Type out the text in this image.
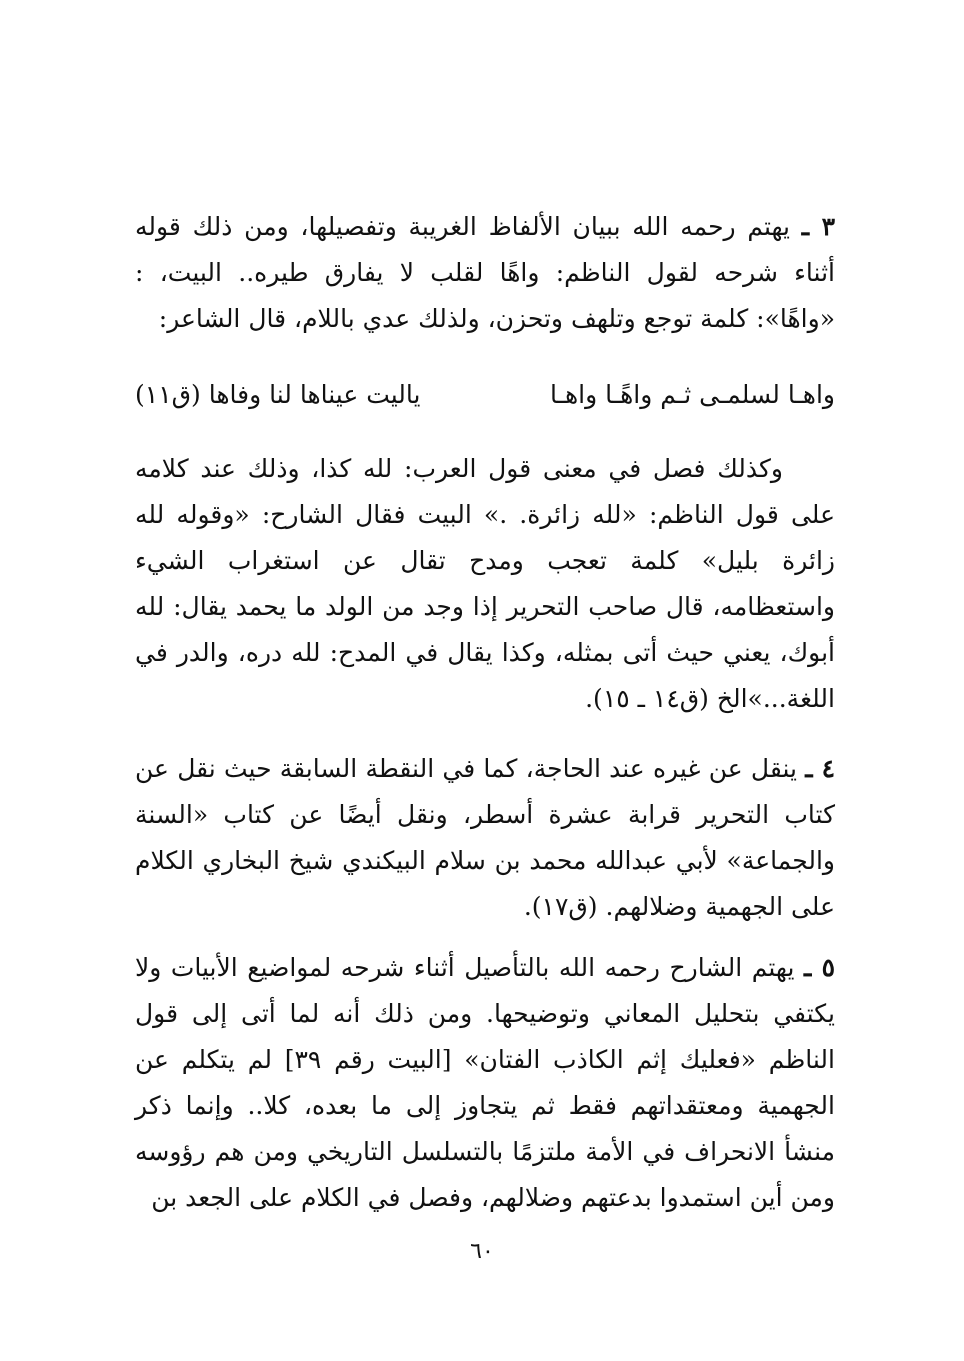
٣ ـ يهتم رحمه الله ببيان الألفاظ الغريبة وتفصيلها، ومن ذلك قوله أثناء شرحه لقول الناظم: واهًا لقلب لا يفارق طيره.. البيت، : «واهًا»: كلمة توجع وتلهف وتحزن، ولذلك عدي باللام، قال الشاعر:

واهـا لسلمـى ثـم واهًـا واهـا
ياليت عيناها لنا وفاها (ق١١)

وكذلك فصل في معنى قول العرب: لله كذا، وذلك عند كلامه على قول الناظم: «لله زائرة. .» البيت فقال الشارح: «وقوله لله زائرة بليل» كلمة تعجب ومدح تقال عن استغراب الشيء واستعظامه، قال صاحب التحرير إذا وجد من الولد ما يحمد يقال: لله أبوك، يعني حيث أتى بمثله، وكذا يقال في المدح: لله دره، والدر في اللغة...»الخ (ق١٤ ـ ١٥).

٤ ـ ينقل عن غيره عند الحاجة، كما في النقطة السابقة حيث نقل عن كتاب التحرير قرابة عشرة أسطر، ونقل أيضًا عن كتاب «السنة والجماعة» لأبي عبدالله محمد بن سلام البيكندي شيخ البخاري الكلام على الجهمية وضلالهم. (ق١٧).

٥ ـ يهتم الشارح رحمه الله بالتأصيل أثناء شرحه لمواضيع الأبيات ولا يكتفي بتحليل المعاني وتوضيحها. ومن ذلك أنه لما أتى إلى قول الناظم «فعليك إثم الكاذب الفتان» [البيت رقم ٣٩] لم يتكلم عن الجهمية ومعتقداتهم فقط ثم يتجاوز إلى ما بعده، كلا.. وإنما ذكر منشأ الانحراف في الأمة ملتزمًا بالتسلسل التاريخي ومن هم رؤوسه ومن أين استمدوا بدعتهم وضلالهم، وفصل في الكلام على الجعد بن

٦٠
